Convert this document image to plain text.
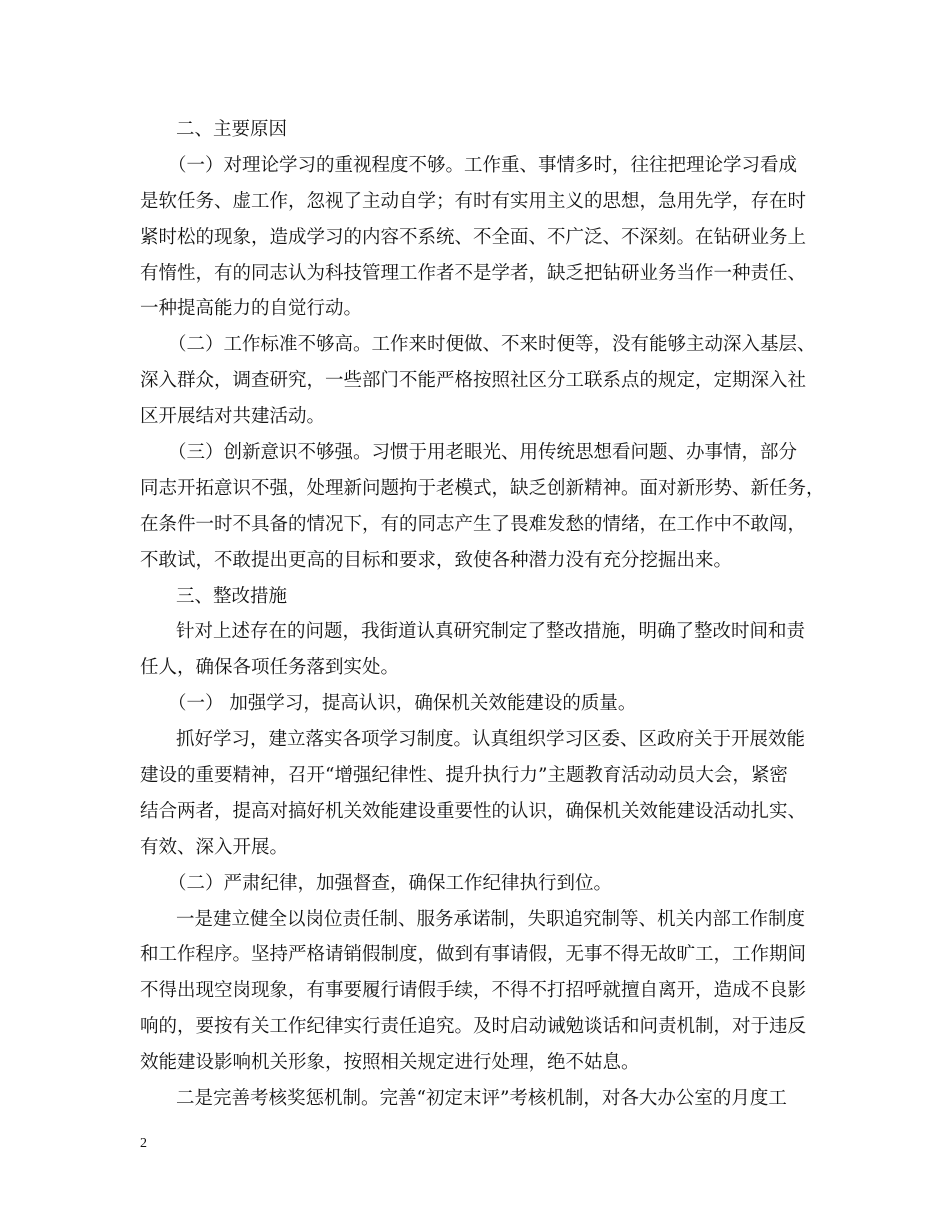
二、主要原因
（一）对理论学习的重视程度不够。工作重、事情多时，往往把理论学习看成
是软任务、虚工作，忽视了主动自学；有时有实用主义的思想，急用先学，存在时
紧时松的现象，造成学习的内容不系统、不全面、不广泛、不深刻。在钻研业务上
有惰性，有的同志认为科技管理工作者不是学者，缺乏把钻研业务当作一种责任、
一种提高能力的自觉行动。
（二）工作标准不够高。工作来时便做、不来时便等，没有能够主动深入基层、
深入群众，调查研究，一些部门不能严格按照社区分工联系点的规定，定期深入社
区开展结对共建活动。
（三）创新意识不够强。习惯于用老眼光、用传统思想看问题、办事情，部分
同志开拓意识不强，处理新问题拘于老模式，缺乏创新精神。面对新形势、新任务，
在条件一时不具备的情况下，有的同志产生了畏难发愁的情绪，在工作中不敢闯，
不敢试，不敢提出更高的目标和要求，致使各种潜力没有充分挖掘出来。
三、整改措施
针对上述存在的问题，我街道认真研究制定了整改措施，明确了整改时间和责
任人，确保各项任务落到实处。
（一） 加强学习，提高认识，确保机关效能建设的质量。
抓好学习，建立落实各项学习制度。认真组织学习区委、区政府关于开展效能
建设的重要精神，召开“增强纪律性、提升执行力”主题教育活动动员大会，紧密
结合两者，提高对搞好机关效能建设重要性的认识，确保机关效能建设活动扎实、
有效、深入开展。
（二）严肃纪律，加强督查，确保工作纪律执行到位。
一是建立健全以岗位责任制、服务承诺制，失职追究制等、机关内部工作制度
和工作程序。坚持严格请销假制度，做到有事请假，无事不得无故旷工，工作期间
不得出现空岗现象，有事要履行请假手续，不得不打招呼就擅自离开，造成不良影
响的，要按有关工作纪律实行责任追究。及时启动诫勉谈话和问责机制，对于违反
效能建设影响机关形象，按照相关规定进行处理，绝不姑息。
二是完善考核奖惩机制。完善“初定末评”考核机制，对各大办公室的月度工
2
